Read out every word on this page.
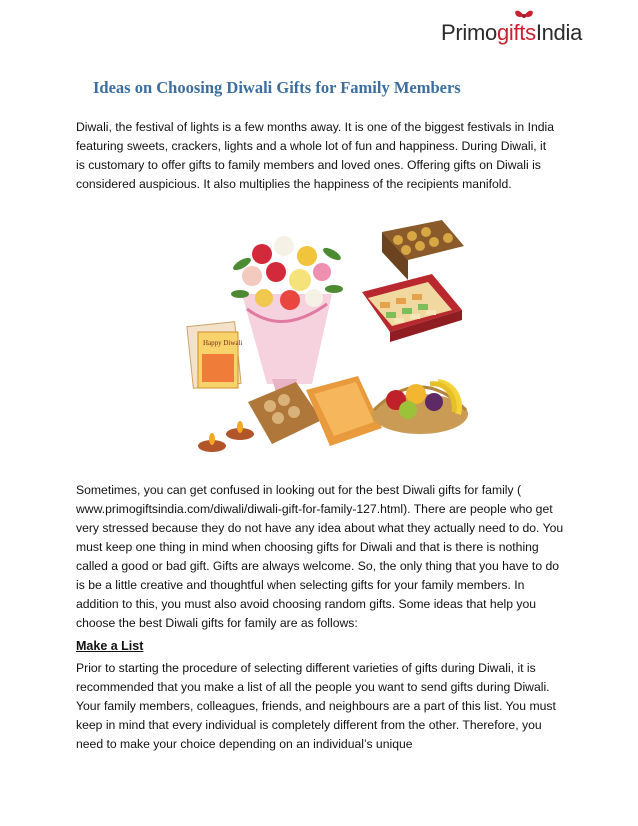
PrimogiftsIndia
Ideas on Choosing Diwali Gifts for Family Members

Diwali, the festival of lights is a few months away. It is one of the biggest festivals in India featuring sweets, crackers, lights and a whole lot of fun and happiness. During Diwali, it is customary to offer gifts to family members and loved ones. Offering gifts on Diwali is considered auspicious. It also multiplies the happiness of the recipients manifold.

Happy Diwali

Sometimes, you can get confused in looking out for the best Diwali gifts for family ( www.primogiftsindia.com/diwali/diwali-gift-for-family-127.html). There are people who get very stressed because they do not have any idea about what they actually need to do. You must keep one thing in mind when choosing gifts for Diwali and that is there is nothing called a good or bad gift. Gifts are always welcome. So, the only thing that you have to do is be a little creative and thoughtful when selecting gifts for your family members. In addition to this, you must also avoid choosing random gifts. Some ideas that help you choose the best Diwali gifts for family are as follows:

Make a List

Prior to starting the procedure of selecting different varieties of gifts during Diwali, it is recommended that you make a list of all the people you want to send gifts during Diwali. Your family members, colleagues, friends, and neighbours are a part of this list. You must keep in mind that every individual is completely different from the other. Therefore, you need to make your choice depending on an individual’s unique
